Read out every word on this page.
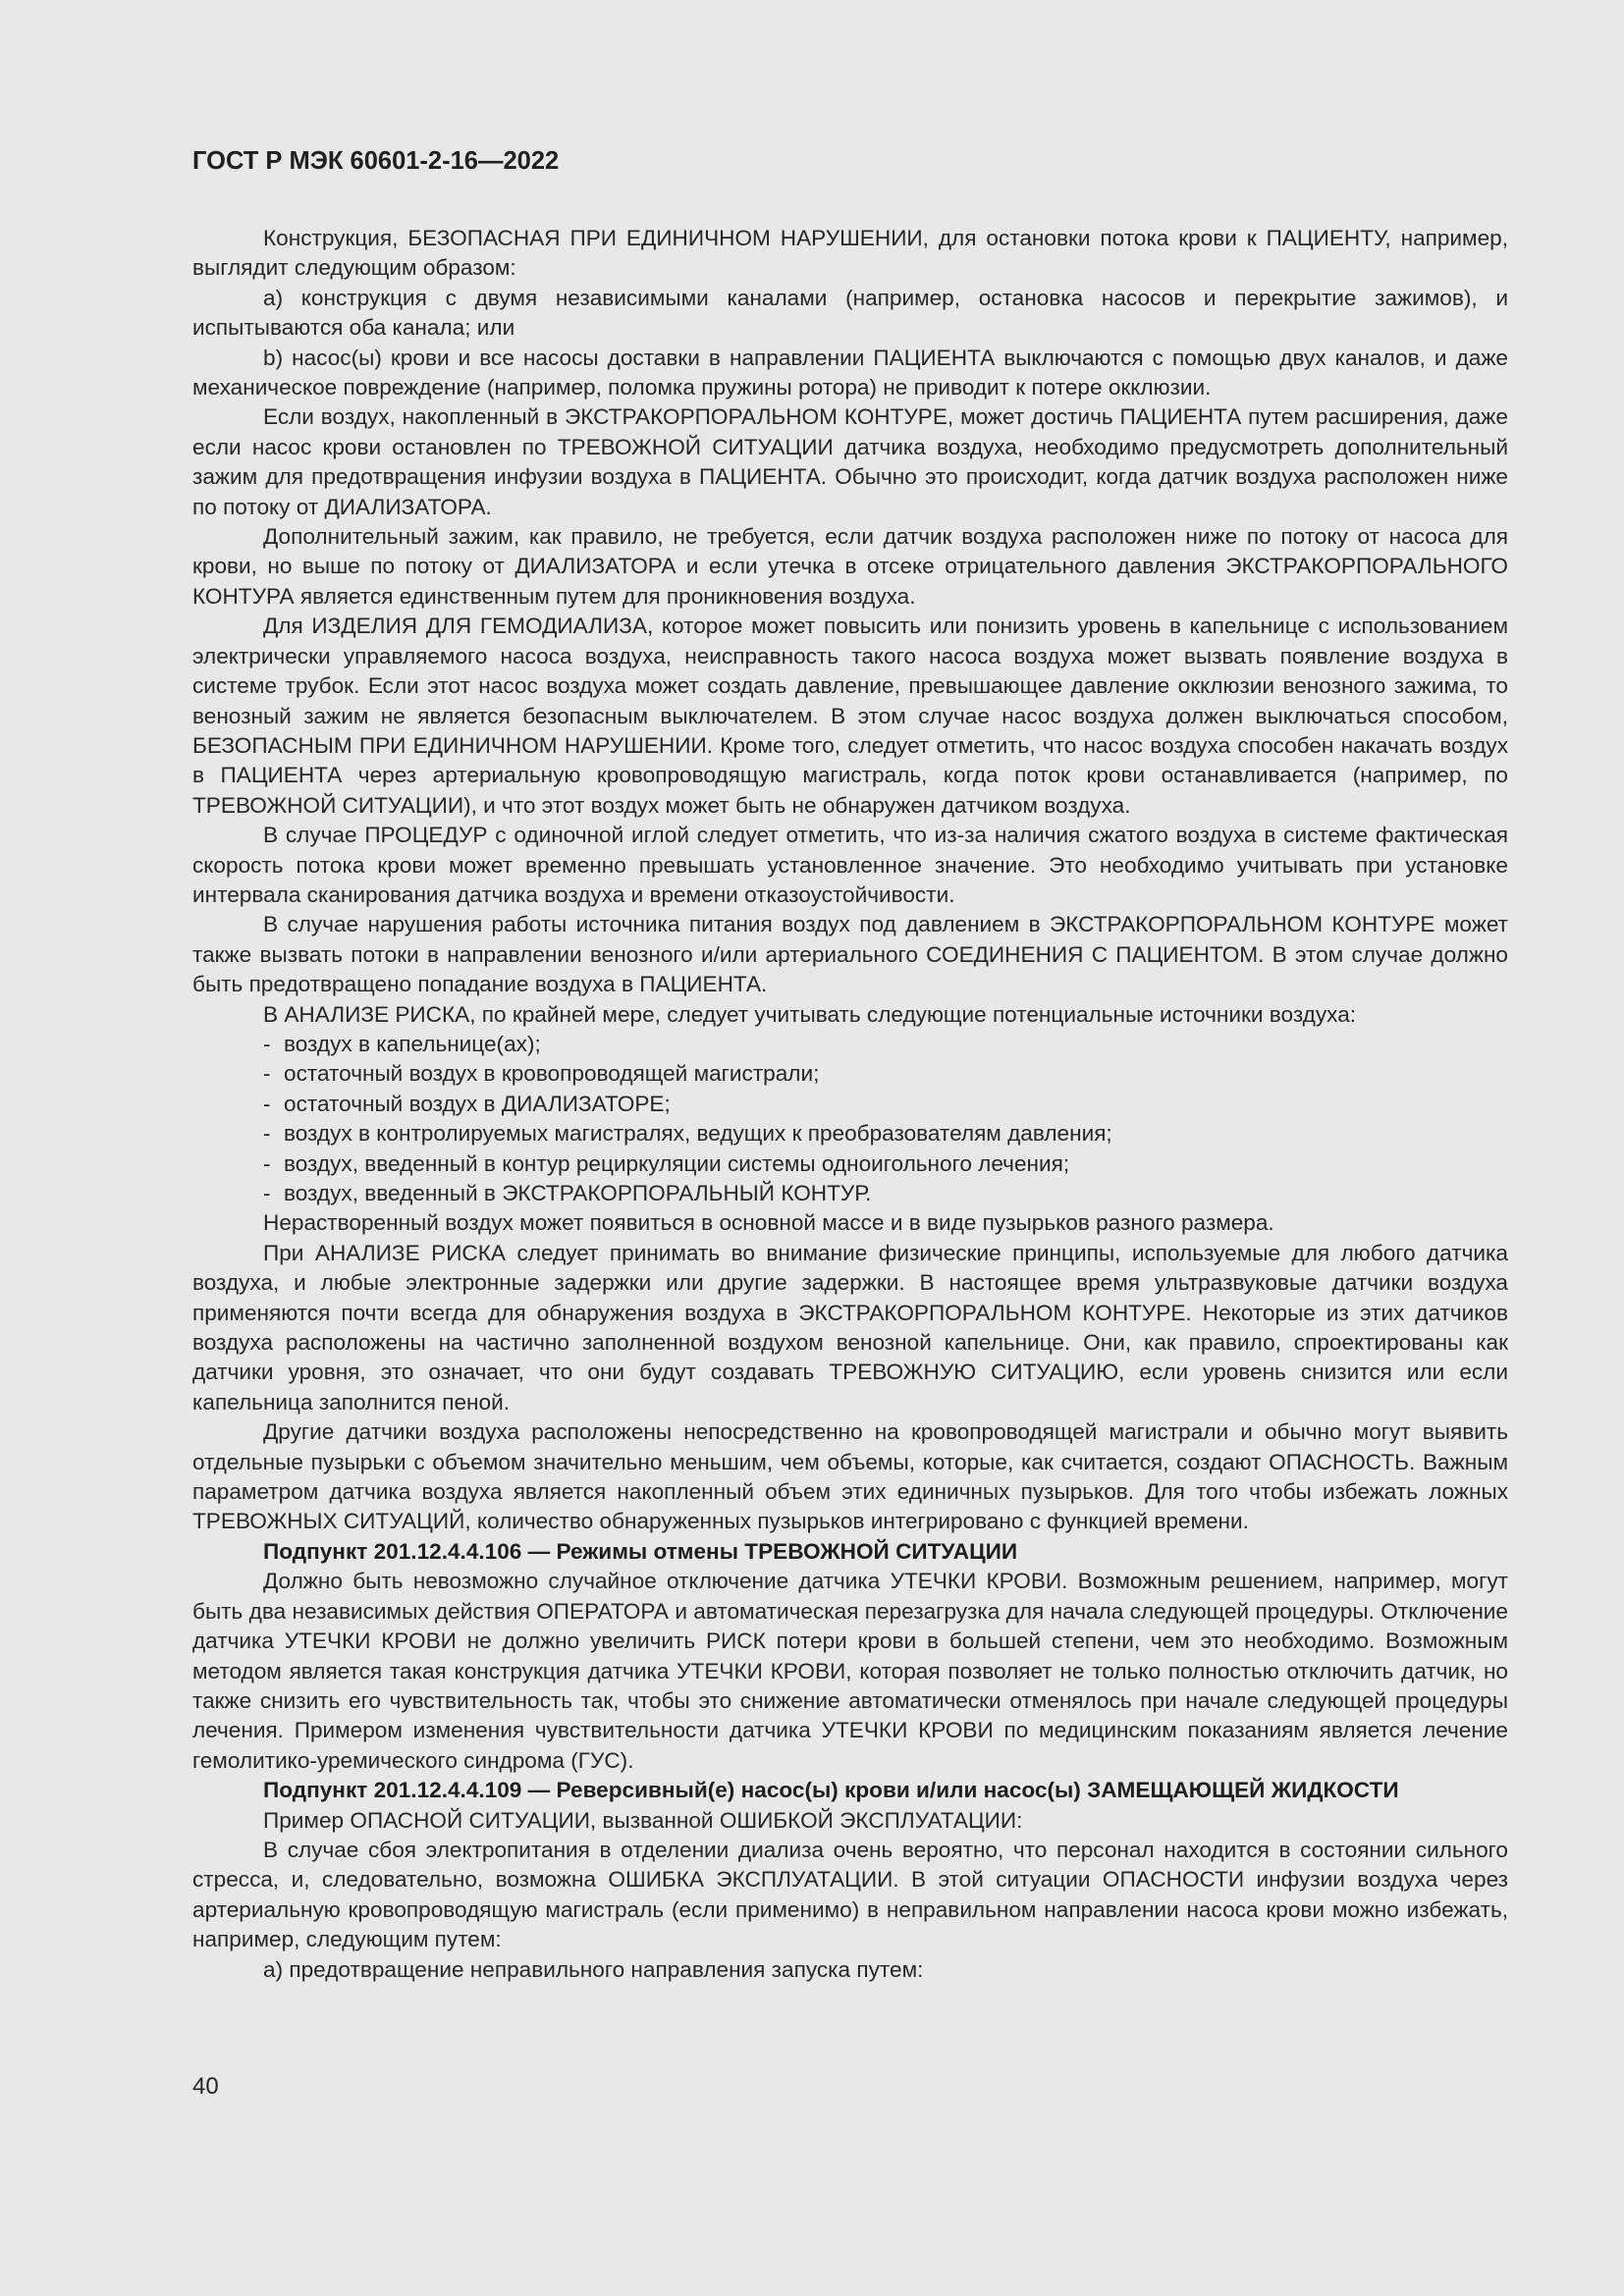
ГОСТ Р МЭК 60601-2-16—2022

Конструкция, БЕЗОПАСНАЯ ПРИ ЕДИНИЧНОМ НАРУШЕНИИ, для остановки потока крови к ПАЦИЕНТУ, например, выглядит следующим образом:

а) конструкция с двумя независимыми каналами (например, остановка насосов и перекрытие зажимов), и испытываются оба канала; или

b) насос(ы) крови и все насосы доставки в направлении ПАЦИЕНТА выключаются с помощью двух каналов, и даже механическое повреждение (например, поломка пружины ротора) не приводит к потере окклюзии.

Если воздух, накопленный в ЭКСТРАКОРПОРАЛЬНОМ КОНТУРЕ, может достичь ПАЦИЕНТА путем расширения, даже если насос крови остановлен по ТРЕВОЖНОЙ СИТУАЦИИ датчика воздуха, необходимо предусмотреть дополнительный зажим для предотвращения инфузии воздуха в ПАЦИЕНТА. Обычно это происходит, когда датчик воздуха расположен ниже по потоку от ДИАЛИЗАТОРА.

Дополнительный зажим, как правило, не требуется, если датчик воздуха расположен ниже по потоку от насоса для крови, но выше по потоку от ДИАЛИЗАТОРА и если утечка в отсеке отрицательного давления ЭКСТРАКОРПОРАЛЬНОГО КОНТУРА является единственным путем для проникновения воздуха.

Для ИЗДЕЛИЯ ДЛЯ ГЕМОДИАЛИЗА, которое может повысить или понизить уровень в капельнице с использованием электрически управляемого насоса воздуха, неисправность такого насоса воздуха может вызвать появление воздуха в системе трубок. Если этот насос воздуха может создать давление, превышающее давление окклюзии венозного зажима, то венозный зажим не является безопасным выключателем. В этом случае насос воздуха должен выключаться способом, БЕЗОПАСНЫМ ПРИ ЕДИНИЧНОМ НАРУШЕНИИ. Кроме того, следует отметить, что насос воздуха способен накачать воздух в ПАЦИЕНТА через артериальную кровопроводящую магистраль, когда поток крови останавливается (например, по ТРЕВОЖНОЙ СИТУАЦИИ), и что этот воздух может быть не обнаружен датчиком воздуха.

В случае ПРОЦЕДУР с одиночной иглой следует отметить, что из-за наличия сжатого воздуха в системе фактическая скорость потока крови может временно превышать установленное значение. Это необходимо учитывать при установке интервала сканирования датчика воздуха и времени отказоустойчивости.

В случае нарушения работы источника питания воздух под давлением в ЭКСТРАКОРПОРАЛЬНОМ КОНТУРЕ может также вызвать потоки в направлении венозного и/или артериального СОЕДИНЕНИЯ С ПАЦИЕНТОМ. В этом случае должно быть предотвращено попадание воздуха в ПАЦИЕНТА.

В АНАЛИЗЕ РИСКА, по крайней мере, следует учитывать следующие потенциальные источники воздуха:

- воздух в капельнице(ах);

- остаточный воздух в кровопроводящей магистрали;

- остаточный воздух в ДИАЛИЗАТОРЕ;

- воздух в контролируемых магистралях, ведущих к преобразователям давления;

- воздух, введенный в контур рециркуляции системы одноигольного лечения;

- воздух, введенный в ЭКСТРАКОРПОРАЛЬНЫЙ КОНТУР.

Нерастворенный воздух может появиться в основной массе и в виде пузырьков разного размера.

При АНАЛИЗЕ РИСКА следует принимать во внимание физические принципы, используемые для любого датчика воздуха, и любые электронные задержки или другие задержки. В настоящее время ультразвуковые датчики воздуха применяются почти всегда для обнаружения воздуха в ЭКСТРАКОРПОРАЛЬНОМ КОНТУРЕ. Некоторые из этих датчиков воздуха расположены на частично заполненной воздухом венозной капельнице. Они, как правило, спроектированы как датчики уровня, это означает, что они будут создавать ТРЕВОЖНУЮ СИТУАЦИЮ, если уровень снизится или если капельница заполнится пеной.

Другие датчики воздуха расположены непосредственно на кровопроводящей магистрали и обычно могут выявить отдельные пузырьки с объемом значительно меньшим, чем объемы, которые, как считается, создают ОПАСНОСТЬ. Важным параметром датчика воздуха является накопленный объем этих единичных пузырьков. Для того чтобы избежать ложных ТРЕВОЖНЫХ СИТУАЦИЙ, количество обнаруженных пузырьков интегрировано с функцией времени.

Подпункт 201.12.4.4.106 — Режимы отмены ТРЕВОЖНОЙ СИТУАЦИИ

Должно быть невозможно случайное отключение датчика УТЕЧКИ КРОВИ. Возможным решением, например, могут быть два независимых действия ОПЕРАТОРА и автоматическая перезагрузка для начала следующей процедуры. Отключение датчика УТЕЧКИ КРОВИ не должно увеличить РИСК потери крови в большей степени, чем это необходимо. Возможным методом является такая конструкция датчика УТЕЧКИ КРОВИ, которая позволяет не только полностью отключить датчик, но также снизить его чувствительность так, чтобы это снижение автоматически отменялось при начале следующей процедуры лечения. Примером изменения чувствительности датчика УТЕЧКИ КРОВИ по медицинским показаниям является лечение гемолитико-уремического синдрома (ГУС).

Подпункт 201.12.4.4.109 — Реверсивный(е) насос(ы) крови и/или насос(ы) ЗАМЕЩАЮЩЕЙ ЖИДКОСТИ

Пример ОПАСНОЙ СИТУАЦИИ, вызванной ОШИБКОЙ ЭКСПЛУАТАЦИИ:

В случае сбоя электропитания в отделении диализа очень вероятно, что персонал находится в состоянии сильного стресса, и, следовательно, возможна ОШИБКА ЭКСПЛУАТАЦИИ. В этой ситуации ОПАСНОСТИ инфузии воздуха через артериальную кровопроводящую магистраль (если применимо) в неправильном направлении насоса крови можно избежать, например, следующим путем:

а) предотвращение неправильного направления запуска путем:

40
